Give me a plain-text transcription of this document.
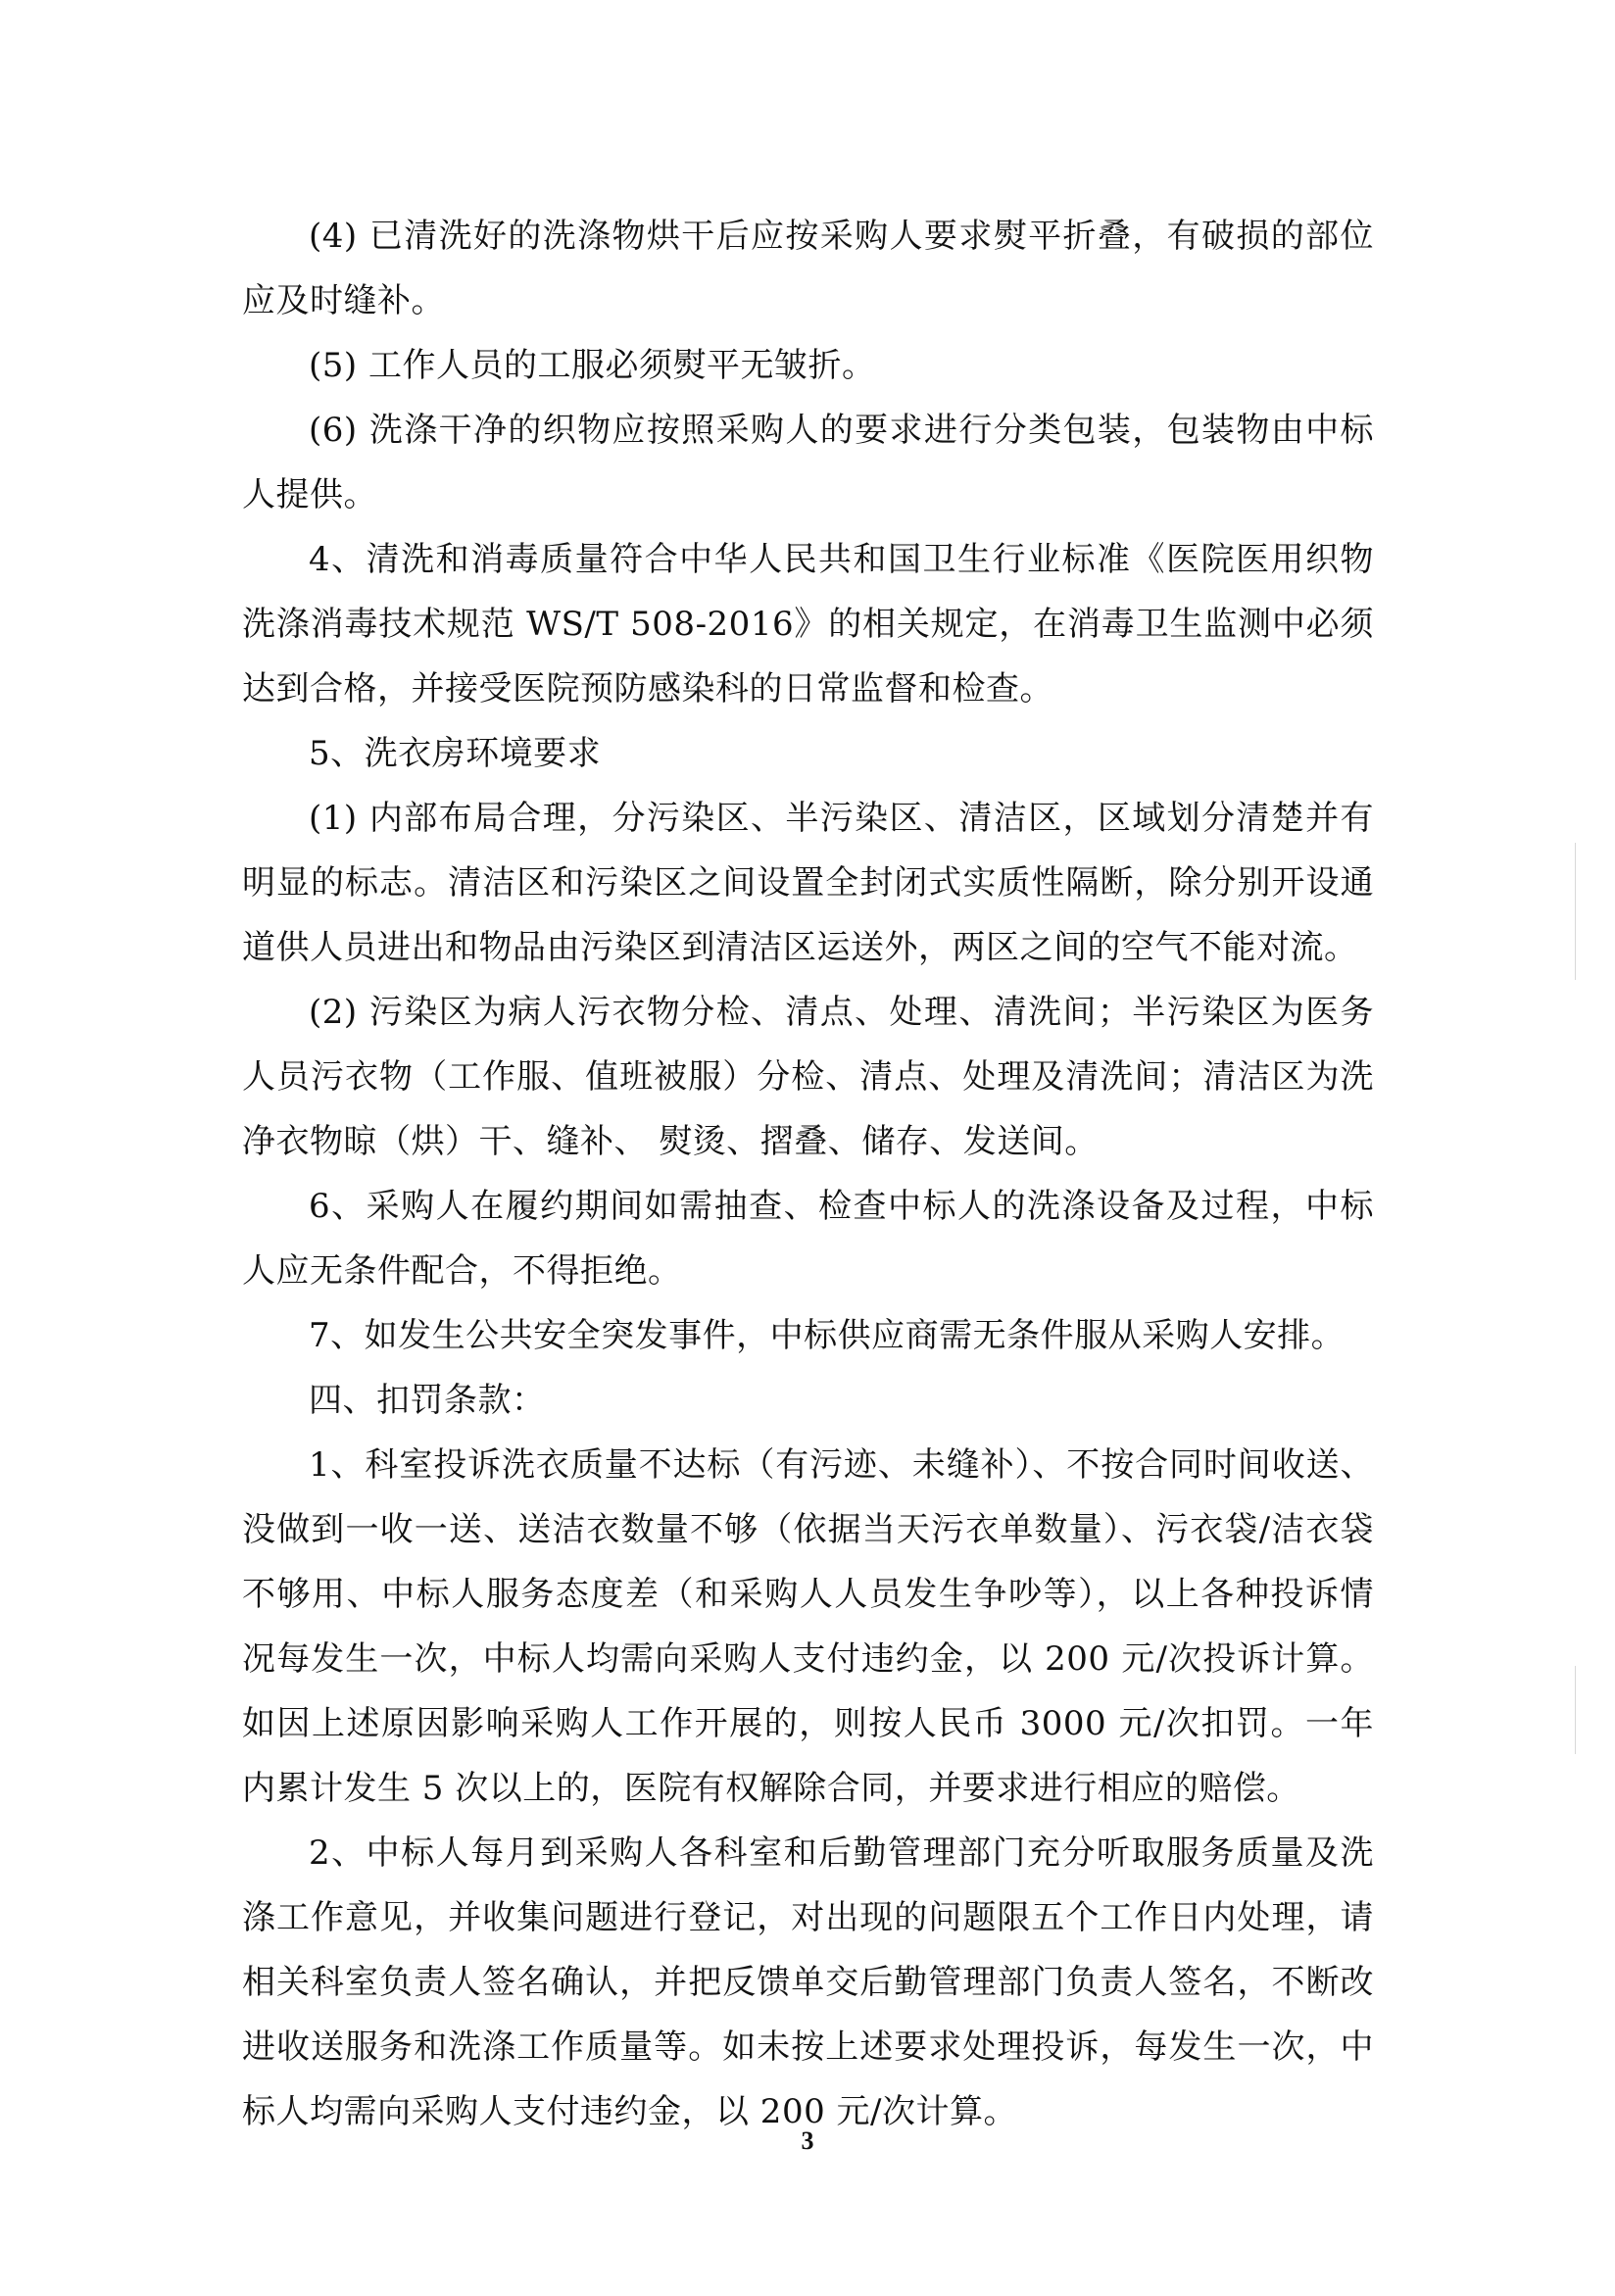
(4) 已清洗好的洗涤物烘干后应按采购人要求熨平折叠，有破损的部位应及时缝补。

(5) 工作人员的工服必须熨平无皱折。

(6) 洗涤干净的织物应按照采购人的要求进行分类包装，包装物由中标人提供。

4、清洗和消毒质量符合中华人民共和国卫生行业标准《医院医用织物洗涤消毒技术规范 WS/T 508-2016》的相关规定，在消毒卫生监测中必须达到合格，并接受医院预防感染科的日常监督和检查。

5、洗衣房环境要求

(1) 内部布局合理，分污染区、半污染区、清洁区，区域划分清楚并有明显的标志。清洁区和污染区之间设置全封闭式实质性隔断，除分别开设通道供人员进出和物品由污染区到清洁区运送外，两区之间的空气不能对流。

(2) 污染区为病人污衣物分检、清点、处理、清洗间；半污染区为医务人员污衣物（工作服、值班被服）分检、清点、处理及清洗间；清洁区为洗净衣物晾（烘）干、缝补、 熨烫、摺叠、储存、发送间。

6、采购人在履约期间如需抽查、检查中标人的洗涤设备及过程，中标人应无条件配合，不得拒绝。

7、如发生公共安全突发事件，中标供应商需无条件服从采购人安排。

四、扣罚条款：

1、科室投诉洗衣质量不达标（有污迹、未缝补）、不按合同时间收送、没做到一收一送、送洁衣数量不够（依据当天污衣单数量）、污衣袋/洁衣袋不够用、中标人服务态度差（和采购人人员发生争吵等），以上各种投诉情况每发生一次，中标人均需向采购人支付违约金，以 200 元/次投诉计算。如因上述原因影响采购人工作开展的，则按人民币 3000 元/次扣罚。一年内累计发生 5 次以上的，医院有权解除合同，并要求进行相应的赔偿。

2、中标人每月到采购人各科室和后勤管理部门充分听取服务质量及洗涤工作意见，并收集问题进行登记，对出现的问题限五个工作日内处理，请相关科室负责人签名确认，并把反馈单交后勤管理部门负责人签名，不断改进收送服务和洗涤工作质量等。如未按上述要求处理投诉，每发生一次，中标人均需向采购人支付违约金，以 200 元/次计算。

3
